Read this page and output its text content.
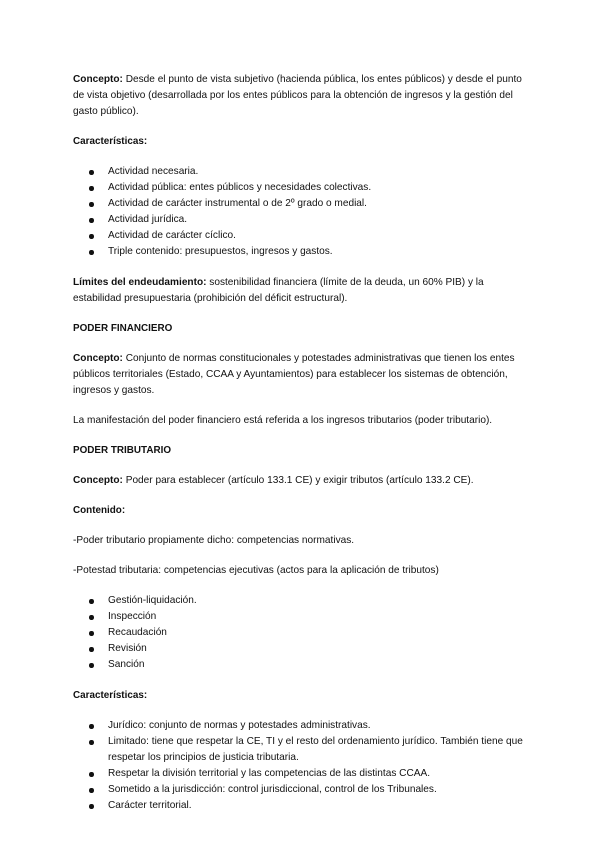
Concepto: Desde el punto de vista subjetivo (hacienda pública, los entes públicos) y desde el punto de vista objetivo (desarrollada por los entes públicos para la obtención de ingresos y la gestión del gasto público).

Características:

Actividad necesaria.
Actividad pública: entes públicos y necesidades colectivas.
Actividad de carácter instrumental o de 2º grado o medial.
Actividad jurídica.
Actividad de carácter cíclico.
Triple contenido: presupuestos, ingresos y gastos.

Límites del endeudamiento: sostenibilidad financiera (límite de la deuda, un 60% PIB) y la estabilidad presupuestaria (prohibición del déficit estructural).

PODER FINANCIERO

Concepto: Conjunto de normas constitucionales y potestades administrativas que tienen los entes públicos territoriales (Estado, CCAA y Ayuntamientos) para establecer los sistemas de obtención, ingresos y gastos.

La manifestación del poder financiero está referida a los ingresos tributarios (poder tributario).

PODER TRIBUTARIO

Concepto: Poder para establecer (artículo 133.1 CE) y exigir tributos (artículo 133.2 CE).

Contenido:

-Poder tributario propiamente dicho: competencias normativas.

-Potestad tributaria: competencias ejecutivas (actos para la aplicación de tributos)

Gestión-liquidación.
Inspección
Recaudación
Revisión
Sanción

Características:

Jurídico: conjunto de normas y potestades administrativas.
Limitado: tiene que respetar la CE, TI y el resto del ordenamiento jurídico. También tiene que respetar los principios de justicia tributaria.
Respetar la división territorial y las competencias de las distintas CCAA.
Sometido a la jurisdicción: control jurisdiccional, control de los Tribunales.
Carácter territorial.
